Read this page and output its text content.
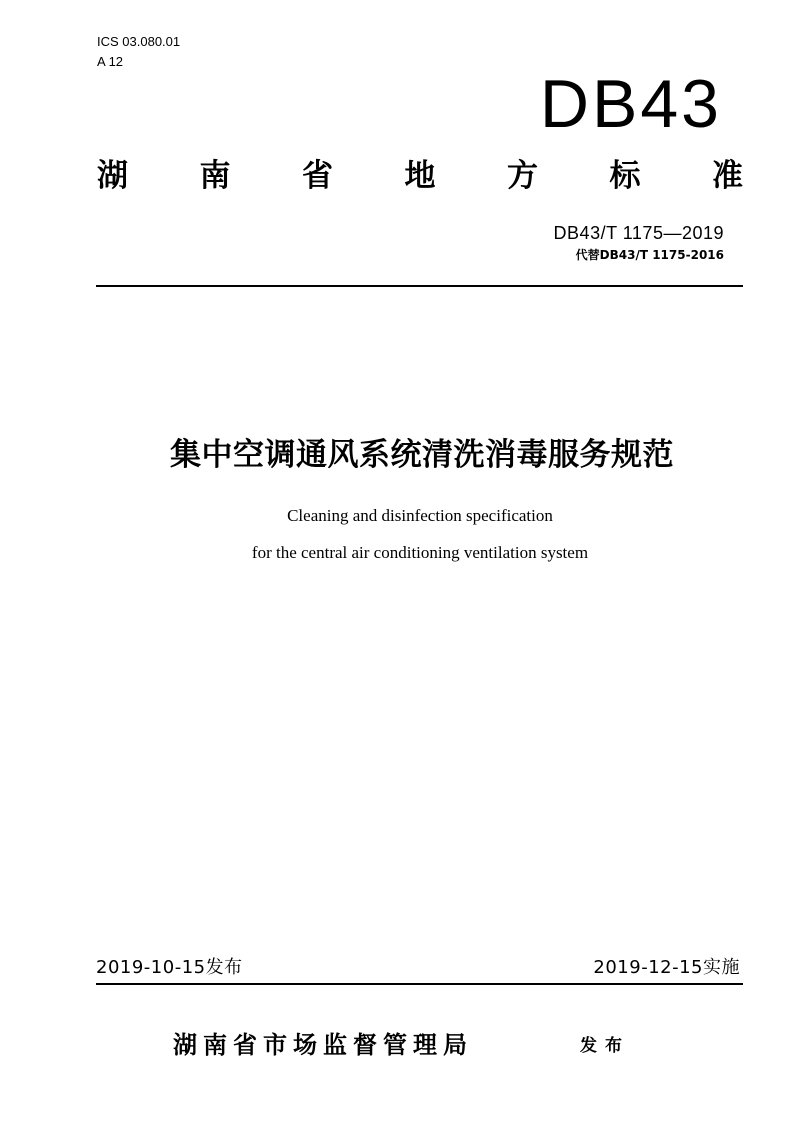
ICS 03.080.01
A 12
DB43
湖 南 省 地 方 标 准
DB43/T 1175—2019
代替DB43/T 1175-2016
集中空调通风系统清洗消毒服务规范
Cleaning and disinfection specification
for the central air conditioning ventilation system
2019-10-15发布	2019-12-15实施
湖南省市场监督管理局	发布
